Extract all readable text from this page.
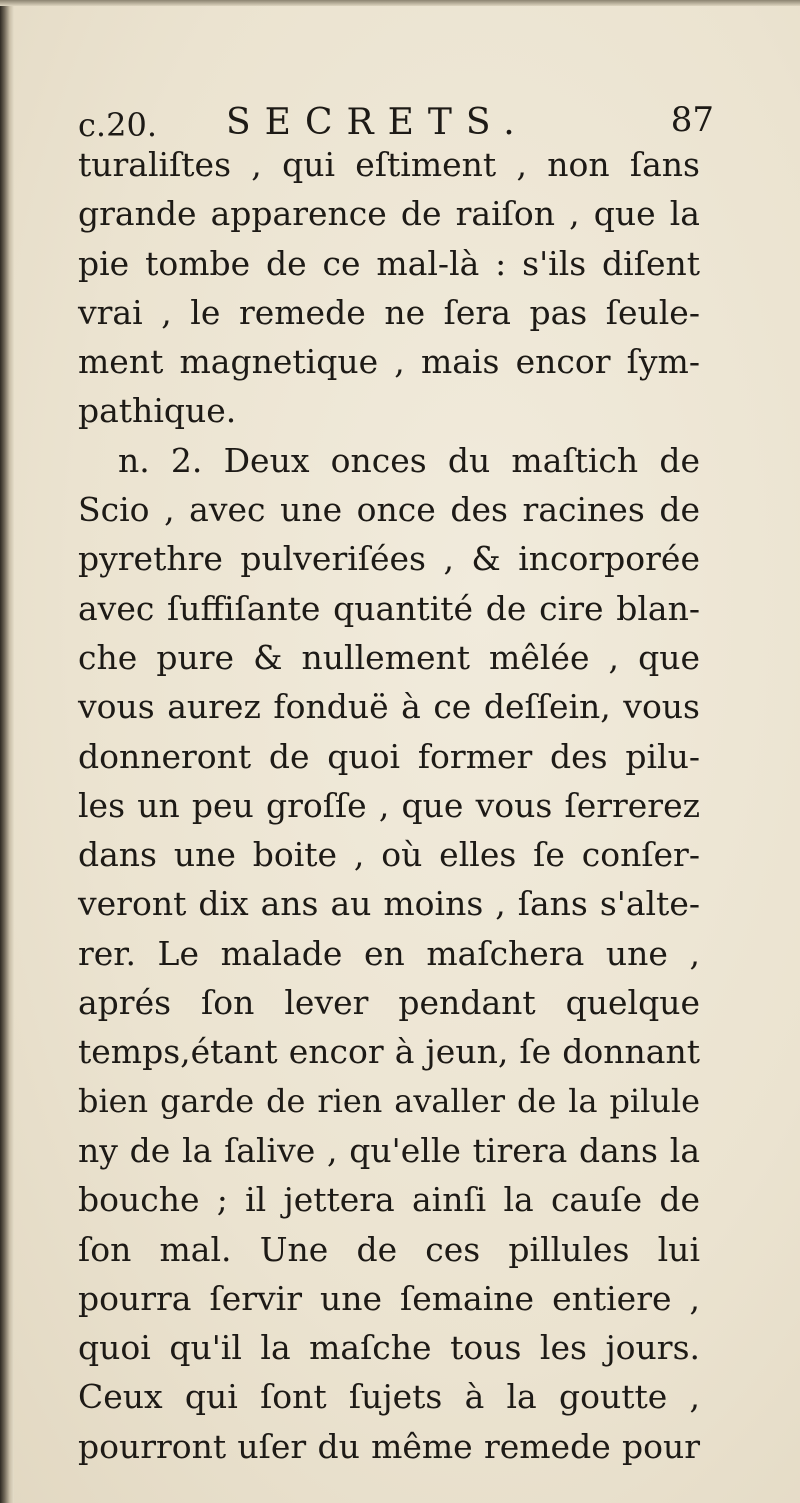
c.20. SECRETS.	87
turaliſtes , qui eſtiment , non ſans
grande apparence de raiſon , que la
pie tombe de ce mal-là : s'ils diſent
vrai , le remede ne ſera pas ſeule-
ment magnetique , mais encor ſym-
pathique.
n. 2. Deux onces du maſtich de
Scio , avec une once des racines de
pyrethre pulveriſées , & incorporée
avec ſuffiſante quantité de cire blan-
che pure & nullement mêlée , que
vous aurez fonduë à ce deſſein, vous
donneront de quoi former des pilu-
les un peu groſſe , que vous ſerrerez
dans une boite , où elles ſe conſer-
veront dix ans au moins , ſans s'alte-
rer. Le malade en maſchera une ,
aprés ſon lever pendant quelque
temps,étant encor à jeun, ſe donnant
bien garde de rien avaller de la pilule
ny de la ſalive , qu'elle tirera dans la
bouche ; il jettera ainſi la cauſe de
ſon mal. Une de ces pillules lui
pourra ſervir une ſemaine entiere ,
quoi qu'il la maſche tous les jours.
Ceux qui ſont ſujets à la goutte ,
pourront uſer du même remede pour
